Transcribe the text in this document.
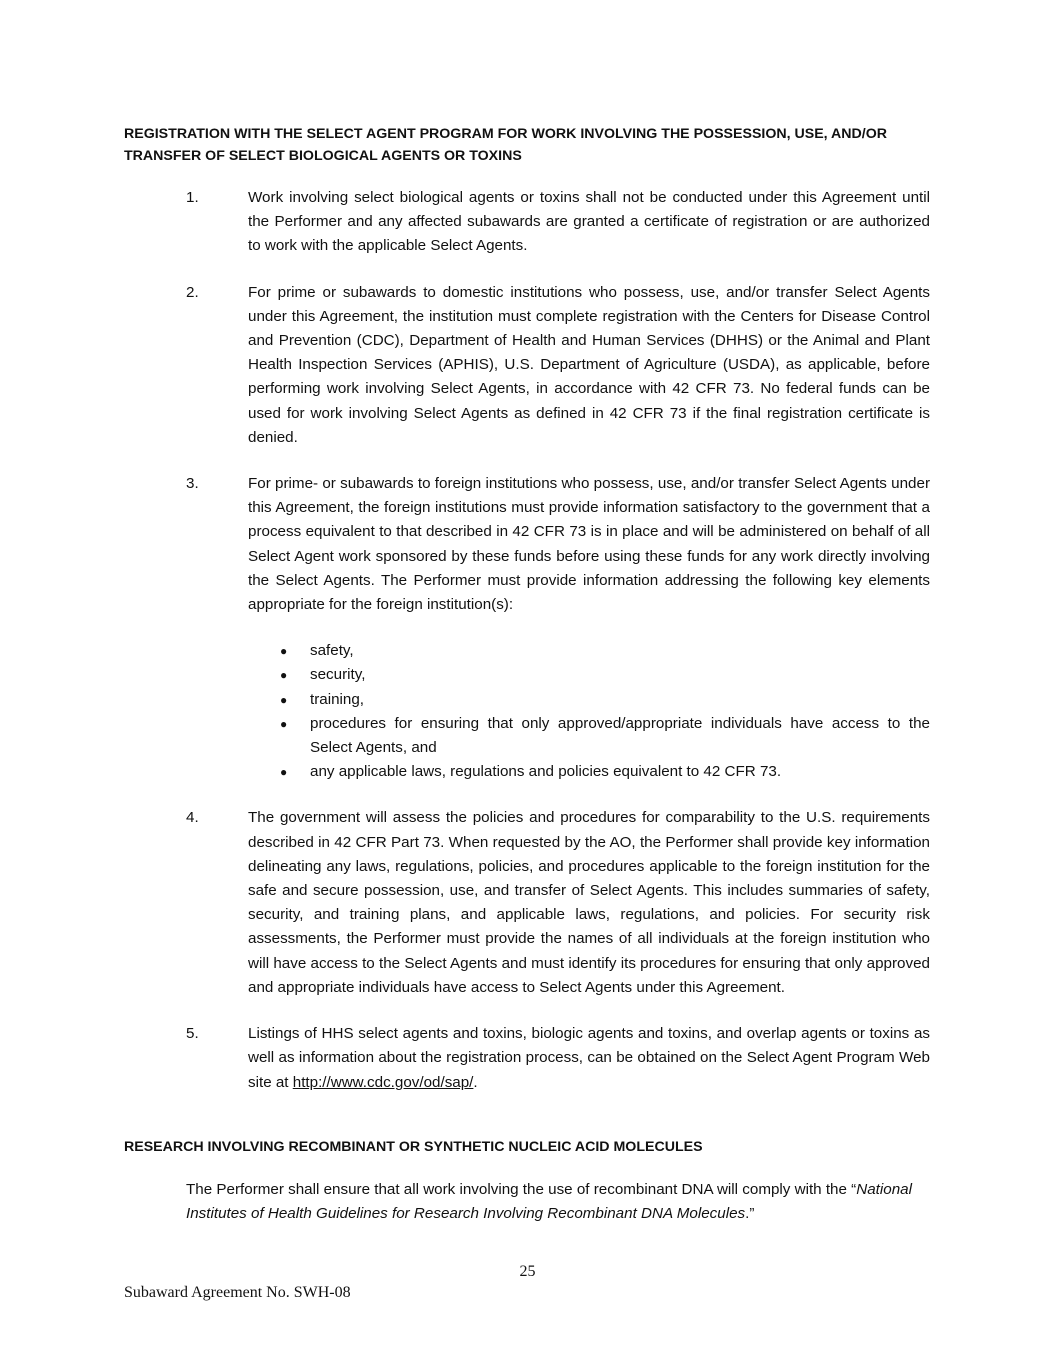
REGISTRATION WITH THE SELECT AGENT PROGRAM FOR WORK INVOLVING THE POSSESSION, USE, AND/OR TRANSFER OF SELECT BIOLOGICAL AGENTS OR TOXINS
1.	Work involving select biological agents or toxins shall not be conducted under this Agreement until the Performer and any affected subawards are granted a certificate of registration or are authorized to work with the applicable Select Agents.

2.	For prime or subawards to domestic institutions who possess, use, and/or transfer Select Agents under this Agreement, the institution must complete registration with the Centers for Disease Control and Prevention (CDC), Department of Health and Human Services (DHHS) or the Animal and Plant Health Inspection Services (APHIS), U.S. Department of Agriculture (USDA), as applicable, before performing work involving Select Agents, in accordance with 42 CFR 73. No federal funds can be used for work involving Select Agents as defined in 42 CFR 73 if the final registration certificate is denied.

3.	For prime- or subawards to foreign institutions who possess, use, and/or transfer Select Agents under this Agreement, the foreign institutions must provide information satisfactory to the government that a process equivalent to that described in 42 CFR 73 is in place and will be administered on behalf of all Select Agent work sponsored by these funds before using these funds for any work directly involving the Select Agents. The Performer must provide information addressing the following key elements appropriate for the foreign institution(s):

● safety,
● security,
● training,
● procedures for ensuring that only approved/appropriate individuals have access to the Select Agents, and
● any applicable laws, regulations and policies equivalent to 42 CFR 73.
4.	The government will assess the policies and procedures for comparability to the U.S. requirements described in 42 CFR Part 73. When requested by the AO, the Performer shall provide key information delineating any laws, regulations, policies, and procedures applicable to the foreign institution for the safe and secure possession, use, and transfer of Select Agents. This includes summaries of safety, security, and training plans, and applicable laws, regulations, and policies. For security risk assessments, the Performer must provide the names of all individuals at the foreign institution who will have access to the Select Agents and must identify its procedures for ensuring that only approved and appropriate individuals have access to Select Agents under this Agreement.

5.	Listings of HHS select agents and toxins, biologic agents and toxins, and overlap agents or toxins as well as information about the registration process, can be obtained on the Select Agent Program Web site at http://www.cdc.gov/od/sap/.

RESEARCH INVOLVING RECOMBINANT OR SYNTHETIC NUCLEIC ACID MOLECULES
The Performer shall ensure that all work involving the use of recombinant DNA will comply with the “National Institutes of Health Guidelines for Research Involving Recombinant DNA Molecules.”
25
Subaward Agreement No. SWH-08
